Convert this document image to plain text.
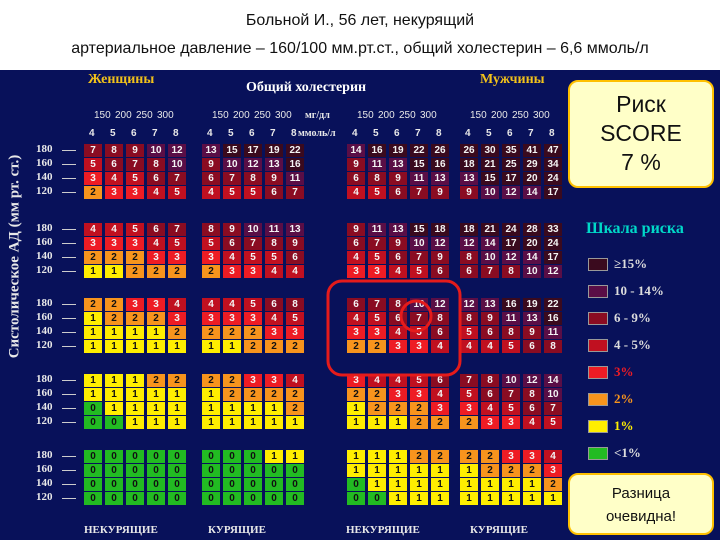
Больной И., 56 лет, некурящий
артериальное давление – 160/100 мм.рт.ст., общий холестерин – 6,6 ммоль/л
Женщины	Мужчины
Общий холестерин
мг/дл
ммоль/л
Систолическое АД (мм рт. ст.)
150 200 250 300
4 5 6 7 8
150 200 250 300
4 5 6 7 8
150 200 250 300
4 5 6 7 8
150 200 250 300
4 5 6 7 8
180
160
140
120
7	8	9	10 12
5	6	7	8	10
3	4	5	6	7
2	3	3	4	5
13 15 17 19 22
9	10 12 13 16
6	7	8	9	11
4	5	5	6	7
14 16 19 22 26
9	11	13 15 16
6	8	9	11	13
4	5	6	7	9
26 30 35 41 47
18 21 25 29 34
13 15 17 20 24
9	10 12 14 17
180
160
140
120
4	4	5	6	7
3	3	3	4	5
2	2	2	3	3
1	1	2	2	2
8	9	10	11	13
5	6	7	8	9
3	4	5	5	6
2	3	3	4	4
9	11	13 15 18
6	7	9	10 12
4	5	6	7	9
3	3	4	5	6
18 21 24 28 33
12 14 17 20 24
8	10 12 14 17
6	7	8	10 12
180
160
140
120
2	2	3	3	4
1	2	2	2	3
1	1	1	1	2
1	1	1	1	1
4	4	5	6	8
3	3	3	4	5
2	2	2	3	3
1	1	2	2	2
6	7	8	10 12
4	5	6	7	8
3	3	4	5	6
2	2	3	3	4
12 13 16 19 22
8	9	11	13 16
5	6	8	9	11
4	4	5	6	8
180
160
140
120
1	1	1	2	2
1	1	1	1	1
0	1	1	1	1
0	0	1	1	1
2	2	3	3	4
1	2	2	2	2
1	1	1	1	2
1	1	1	1	1
3	4	4	5	6
2	2	3	3	4
1	2	2	2	3
1	1	1	2	2
7	8	10 12 14
5	6	7	8	10
3	4	5	6	7
2	3	3	4	5
180
160
140
120
0	0	0	0	0
0	0	0	0	0
0	0	0	0	0
0	0	0	0	0
0	0	0	1	1
0	0	0	0	0
0	0	0	0	0
0	0	0	0	0
1	1	1	2	2
1	1	1	1	1
0	1	1	1	1
0	0	1	1	1
2	2	3	3	4
1	2	2	2	3
1	1	1	1	2
1	1	1	1	1
НЕКУРЯЩИЕ	КУРЯЩИЕ	НЕКУРЯЩИЕ	КУРЯЩИЕ
Шкала риска
≥15%
10 - 14%
6 - 9%
4 - 5%
3%
2%
1%
<1%
Риск
SCORE
7 %
Разница
очевидна!
